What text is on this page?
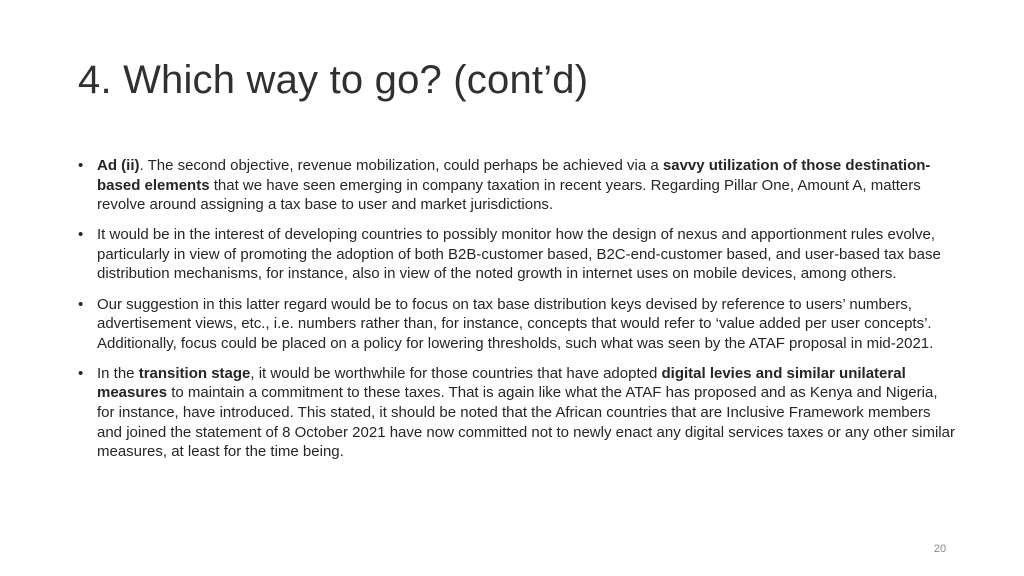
4. Which way to go? (cont’d)
• Ad (ii). The second objective, revenue mobilization, could perhaps be achieved via a savvy utilization of those destination-based elements that we have seen emerging in company taxation in recent years. Regarding Pillar One, Amount A, matters revolve around assigning a tax base to user and market jurisdictions.
• It would be in the interest of developing countries to possibly monitor how the design of nexus and apportionment rules evolve, particularly in view of promoting the adoption of both B2B-customer based, B2C-end-customer based, and user-based tax base distribution mechanisms, for instance, also in view of the noted growth in internet uses on mobile devices, among others.
• Our suggestion in this latter regard would be to focus on tax base distribution keys devised by reference to users’ numbers, advertisement views, etc., i.e. numbers rather than, for instance, concepts that would refer to ‘value added per user concepts’. Additionally, focus could be placed on a policy for lowering thresholds, such what was seen by the ATAF proposal in mid-2021.
• In the transition stage, it would be worthwhile for those countries that have adopted digital levies and similar unilateral measures to maintain a commitment to these taxes. That is again like what the ATAF has proposed and as Kenya and Nigeria, for instance, have introduced. This stated, it should be noted that the African countries that are Inclusive Framework members and joined the statement of 8 October 2021 have now committed not to newly enact any digital services taxes or any other similar measures, at least for the time being.
20
